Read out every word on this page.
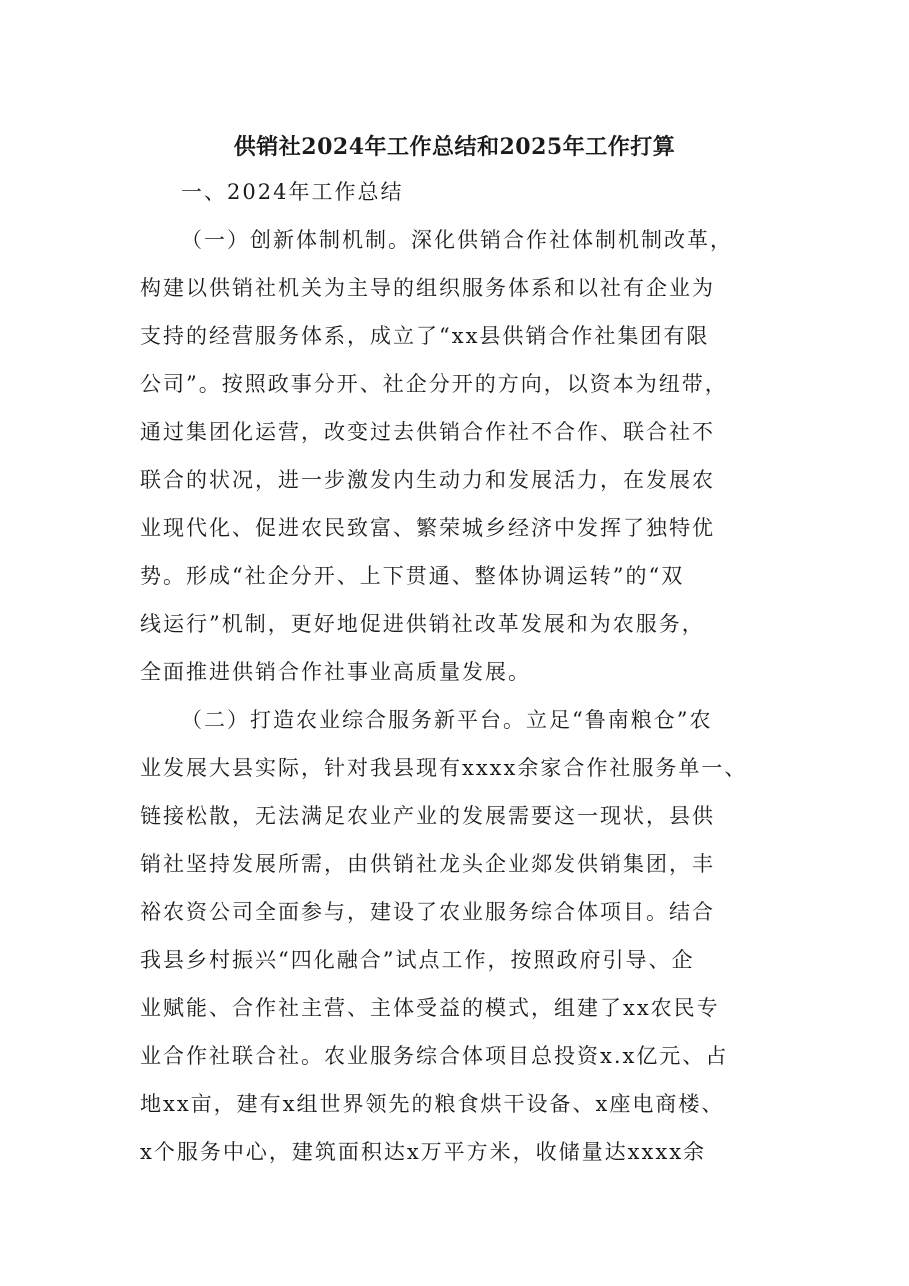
供销社2024年工作总结和2025年工作打算
一、2024年工作总结
（一）创新体制机制。深化供销合作社体制机制改革，
构建以供销社机关为主导的组织服务体系和以社有企业为
支持的经营服务体系，成立了“xx县供销合作社集团有限
公司”。按照政事分开、社企分开的方向，以资本为纽带，
通过集团化运营，改变过去供销合作社不合作、联合社不
联合的状况，进一步激发内生动力和发展活力，在发展农
业现代化、促进农民致富、繁荣城乡经济中发挥了独特优
势。形成“社企分开、上下贯通、整体协调运转”的“双
线运行”机制，更好地促进供销社改革发展和为农服务，
全面推进供销合作社事业高质量发展。
（二）打造农业综合服务新平台。立足“鲁南粮仓”农
业发展大县实际，针对我县现有xxxx余家合作社服务单一、
链接松散，无法满足农业产业的发展需要这一现状，县供
销社坚持发展所需，由供销社龙头企业郯发供销集团，丰
裕农资公司全面参与，建设了农业服务综合体项目。结合
我县乡村振兴“四化融合”试点工作，按照政府引导、企
业赋能、合作社主营、主体受益的模式，组建了xx农民专
业合作社联合社。农业服务综合体项目总投资x.x亿元、占
地xx亩，建有x组世界领先的粮食烘干设备、x座电商楼、
x个服务中心，建筑面积达x万平方米，收储量达xxxx余
